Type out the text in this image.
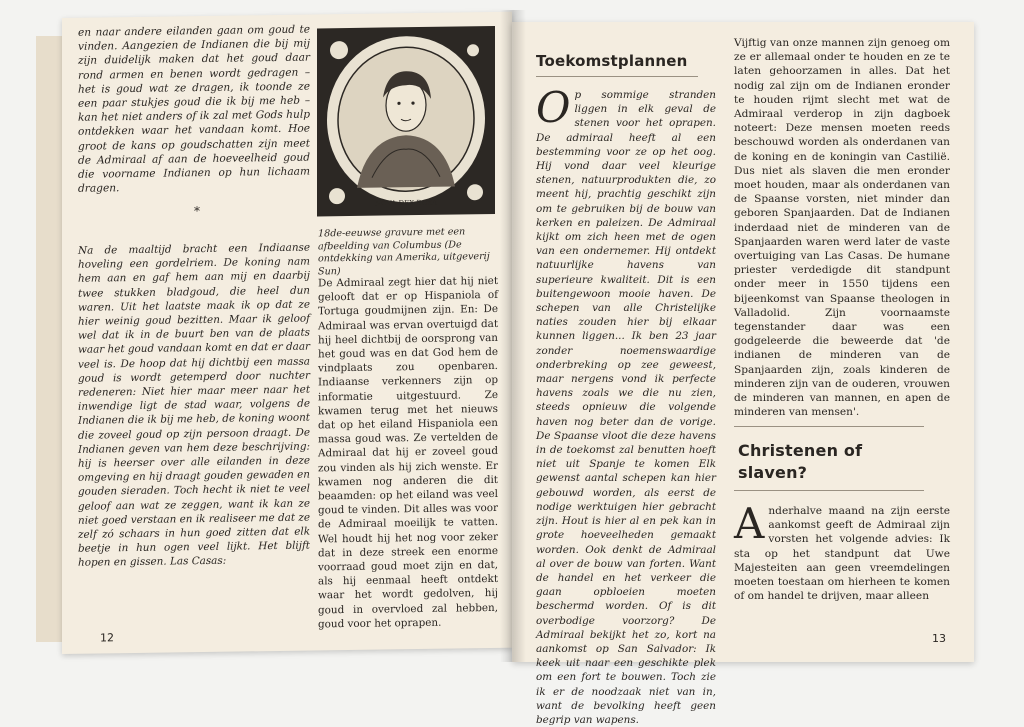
en naar andere eilanden gaan om goud te vinden. Aangezien de Indianen die bij mij zijn duidelijk maken dat het goud daar rond armen en benen wordt gedragen – het is goud wat ze dragen, ik toonde ze een paar stukjes goud die ik bij me heb – kan het niet anders of ik zal met Gods hulp ontdekken waar het vandaan komt. Hoe groot de kans op goudschatten zijn meet de Admiraal af aan de hoeveelheid goud die voorname Indianen op hun lichaam dragen.
*
NOVA DEX BOXA
18de-eeuwse gravure met een afbeelding van Columbus (De ontdekking van Amerika, uitgeverij Sun)
Na de maaltijd bracht een Indiaanse hoveling een gordelriem. De koning nam hem aan en gaf hem aan mij en daarbij twee stukken bladgoud, die heel dun waren. Uit het laatste maak ik op dat ze hier weinig goud bezitten. Maar ik geloof wel dat ik in de buurt ben van de plaats waar het goud vandaan komt en dat er daar veel is. De hoop dat hij dichtbij een massa goud is wordt getemperd door nuchter redeneren: Niet hier maar meer naar het inwendige ligt de stad waar, volgens de Indianen die ik bij me heb, de koning woont die zoveel goud op zijn persoon draagt. De Indianen geven van hem deze beschrijving: hij is heerser over alle eilanden in deze omgeving en hij draagt gouden gewaden en gouden sieraden. Toch hecht ik niet te veel geloof aan wat ze zeggen, want ik kan ze niet goed verstaan en ik realiseer me dat ze zelf zó schaars in hun goed zitten dat elk beetje in hun ogen veel lijkt. Het blijft hopen en gissen. Las Casas:
De Admiraal zegt hier dat hij niet gelooft dat er op Hispaniola of Tortuga goudmijnen zijn. En: De Admiraal was ervan overtuigd dat hij heel dichtbij de oorsprong van het goud was en dat God hem de vindplaats zou openbaren. Indiaanse verkenners zijn op informatie uitgestuurd. Ze kwamen terug met het nieuws dat op het eiland Hispaniola een massa goud was. Ze vertelden de Admiraal dat hij er zoveel goud zou vinden als hij zich wenste. Er kwamen nog anderen die dit beaamden: op het eiland was veel goud te vinden. Dit alles was voor de Admiraal moeilijk te vatten. Wel houdt hij het nog voor zeker dat in deze streek een enorme voorraad goud moet zijn en dat, als hij eenmaal heeft ontdekt waar het wordt gedolven, hij goud in overvloed zal hebben, goud voor het oprapen.
12
Toekomstplannen
O p sommige stranden liggen in elk geval de stenen voor het oprapen. De admiraal heeft al een bestemming voor ze op het oog. Hij vond daar veel kleurige stenen, natuurprodukten die, zo meent hij, prachtig geschikt zijn om te gebruiken bij de bouw van kerken en paleizen. De Admiraal kijkt om zich heen met de ogen van een ondernemer. Hij ontdekt natuurlijke havens van superieure kwaliteit. Dit is een buitengewoon mooie haven. De schepen van alle Christelijke naties zouden hier bij elkaar kunnen liggen... Ik ben 23 jaar zonder noemenswaardige onderbreking op zee geweest, maar nergens vond ik perfecte havens zoals we die nu zien, steeds opnieuw die volgende haven nog beter dan de vorige. De Spaanse vloot die deze havens in de toekomst zal benutten hoeft niet uit Spanje te komen Elk gewenst aantal schepen kan hier gebouwd worden, als eerst de nodige werktuigen hier gebracht zijn. Hout is hier al en pek kan in grote hoeveelheden gemaakt worden. Ook denkt de Admiraal al over de bouw van forten. Want de handel en het verkeer die gaan opbloeien moeten beschermd worden. Of is dit overbodige voorzorg? De Admiraal bekijkt het zo, kort na aankomst op San Salvador: Ik keek uit naar een geschikte plek om een fort te bouwen. Toch zie ik er de noodzaak niet van in, want de bevolking heeft geen begrip van wapens.
Vijftig van onze mannen zijn genoeg om ze er allemaal onder te houden en ze te laten gehoorzamen in alles. Dat het nodig zal zijn om de Indianen eronder te houden rijmt slecht met wat de Admiraal verderop in zijn dagboek noteert: Deze mensen moeten reeds beschouwd worden als onderdanen van de koning en de koningin van Castilië. Dus niet als slaven die men eronder moet houden, maar als onderdanen van de Spaanse vorsten, niet minder dan geboren Spanjaarden. Dat de Indianen inderdaad niet de minderen van de Spanjaarden waren werd later de vaste overtuiging van Las Casas. De humane priester verdedigde dit standpunt onder meer in 1550 tijdens een bijeenkomst van Spaanse theologen in Valladolid. Zijn voornaamste tegenstander daar was een godgeleerde die beweerde dat 'de indianen de minderen van de Spanjaarden zijn, zoals kinderen de minderen zijn van de ouderen, vrouwen de minderen van mannen, en apen de minderen van mensen'.
Christenen of slaven?
A nderhalve maand na zijn eerste aankomst geeft de Admiraal zijn vorsten het volgende advies: Ik sta op het standpunt dat Uwe Majesteiten aan geen vreemdelingen moeten toestaan om hierheen te komen of om handel te drijven, maar alleen
13
